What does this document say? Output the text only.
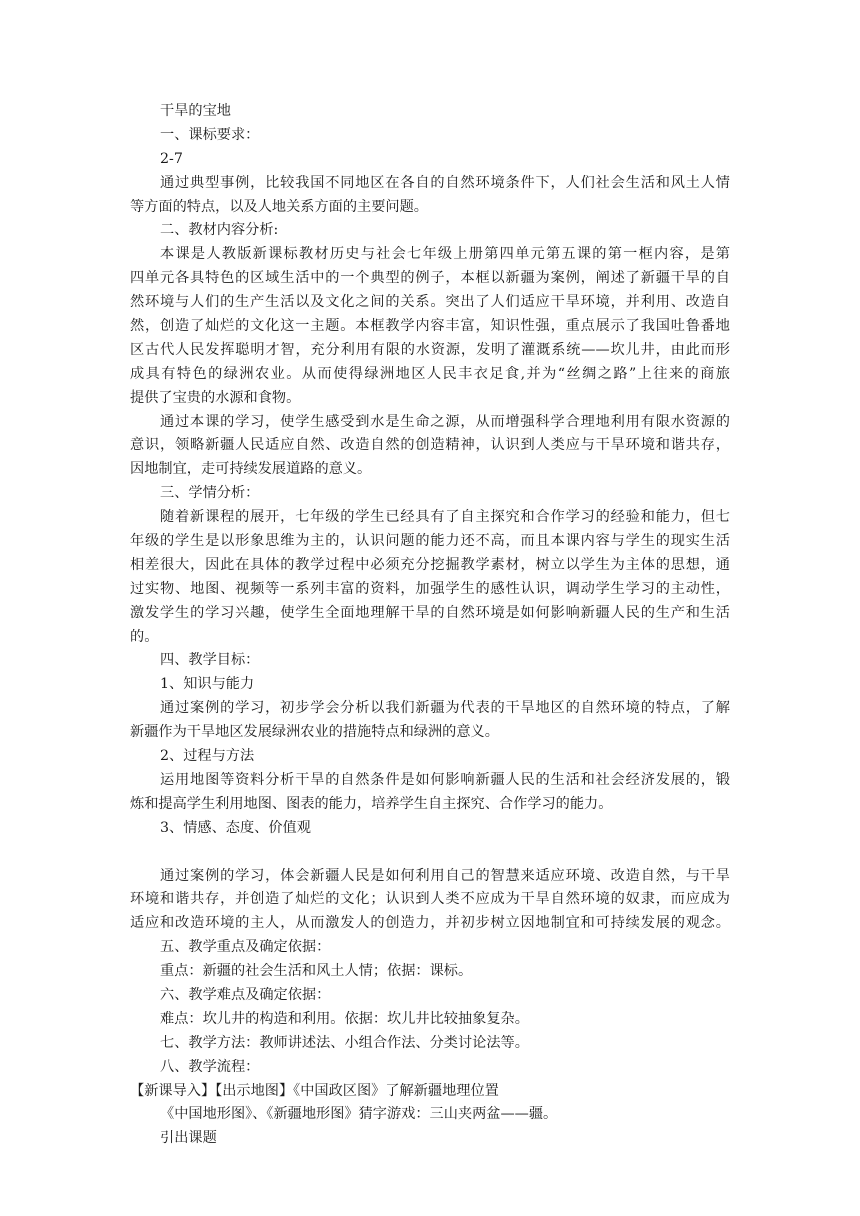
干旱的宝地
一、课标要求：
2-7
通过典型事例，比较我国不同地区在各自的自然环境条件下，人们社会生活和风土人情
等方面的特点，以及人地关系方面的主要问题。
二、教材内容分析:
本课是人教版新课标教材历史与社会七年级上册第四单元第五课的第一框内容，是第
四单元各具特色的区域生活中的一个典型的例子，本框以新疆为案例，阐述了新疆干旱的自
然环境与人们的生产生活以及文化之间的关系。突出了人们适应干旱环境，并利用、改造自
然，创造了灿烂的文化这一主题。本框教学内容丰富，知识性强，重点展示了我国吐鲁番地
区古代人民发挥聪明才智，充分利用有限的水资源，发明了灌溉系统——坎儿井，由此而形
成具有特色的绿洲农业。从而使得绿洲地区人民丰衣足食,并为“丝绸之路”上往来的商旅
提供了宝贵的水源和食物。
通过本课的学习，使学生感受到水是生命之源，从而增强科学合理地利用有限水资源的
意识，领略新疆人民适应自然、改造自然的创造精神，认识到人类应与干旱环境和谐共存，
因地制宜，走可持续发展道路的意义。
三、学情分析：
随着新课程的展开，七年级的学生已经具有了自主探究和合作学习的经验和能力，但七
年级的学生是以形象思维为主的，认识问题的能力还不高，而且本课内容与学生的现实生活
相差很大，因此在具体的教学过程中必须充分挖掘教学素材，树立以学生为主体的思想，通
过实物、地图、视频等一系列丰富的资料，加强学生的感性认识，调动学生学习的主动性，
激发学生的学习兴趣，使学生全面地理解干旱的自然环境是如何影响新疆人民的生产和生活
的。
四、教学目标：
1、知识与能力
通过案例的学习，初步学会分析以我们新疆为代表的干旱地区的自然环境的特点，了解
新疆作为干旱地区发展绿洲农业的措施特点和绿洲的意义。
2、过程与方法
运用地图等资料分析干旱的自然条件是如何影响新疆人民的生活和社会经济发展的，锻
炼和提高学生利用地图、图表的能力，培养学生自主探究、合作学习的能力。
3、情感、态度、价值观
通过案例的学习，体会新疆人民是如何利用自己的智慧来适应环境、改造自然，与干旱
环境和谐共存，并创造了灿烂的文化；认识到人类不应成为干旱自然环境的奴隶，而应成为
适应和改造环境的主人，从而激发人的创造力，并初步树立因地制宜和可持续发展的观念。
五、教学重点及确定依据：
重点：新疆的社会生活和风土人情；依据：课标。
六、教学难点及确定依据：
难点：坎儿井的构造和利用。依据：坎儿井比较抽象复杂。
七、教学方法：教师讲述法、小组合作法、分类讨论法等。
八、教学流程：
【新课导入】【出示地图】《中国政区图》了解新疆地理位置
《中国地形图》、《新疆地形图》猜字游戏：三山夹两盆——疆。
引出课题
